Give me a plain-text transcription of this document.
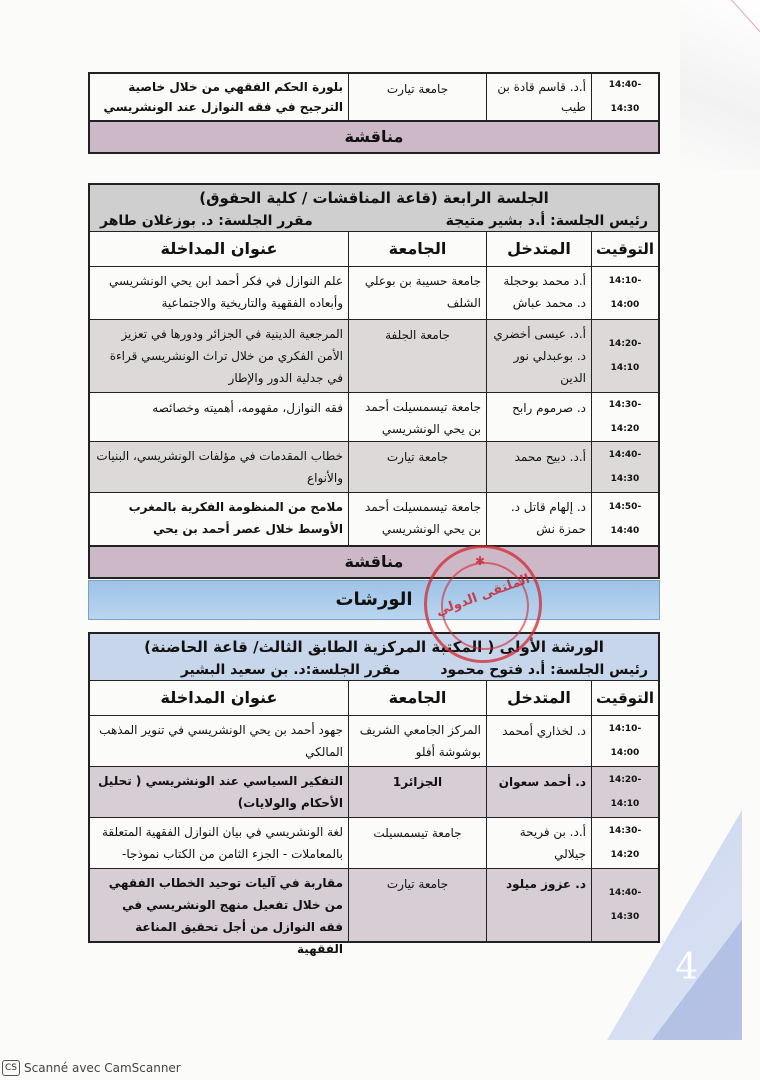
14:40-14:30
أ.د. قاسم قادة بن طيب
جامعة تيارت
بلورة الحكم الفقهي من خلال خاصية الترجيح في فقه النوازل عند الونشريسي
مناقشة
الجلسة الرابعة (قاعة المناقشات / كلية الحقوق)
رئيس الجلسة: أ.د بشير متيجة
مقرر الجلسة: د. بوزغلان طاهر
التوقيت
المتدخل
الجامعة
عنوان المداخلة
14:10-14:00
أ.د محمد بوحجلة د. محمد عباش
جامعة حسيبة بن بوعلي الشلف
علم النوازل في فكر أحمد ابن يحي الونشريسي وأبعاده الفقهية والتاريخية والاجتماعية
14:20-14:10
أ.د. عيسى أخضري د. بوعبدلي نور الدين
جامعة الجلفة
المرجعية الدينية في الجزائر ودورها في تعزيز الأمن الفكري من خلال تراث الونشريسي قراءة في جدلية الدور والإطار
14:30-14:20
د. صرموم رابح
جامعة تيسمسيلت أحمد بن يحي الونشريسي
فقه النوازل، مفهومه، أهميته وخصائصه
14:40-14:30
أ.د. دبيح محمد
جامعة تيارت
خطاب المقدمات في مؤلفات الونشريسي، البنيات والأنواع
14:50-14:40
د. إلهام قاتل د. حمزة نش
جامعة تيسمسيلت أحمد بن يحي الونشريسي
ملامح من المنظومة الفكرية بالمغرب الأوسط خلال عصر أحمد بن يحي
مناقشة
الورشات
الورشة الأولى ( المكتبة المركزية الطابق الثالث/ قاعة الحاضنة)
رئيس الجلسة: أ.د فتوح محمود
مقرر الجلسة:د. بن سعيد البشير
التوقيت
المتدخل
الجامعة
عنوان المداخلة
14:10-14:00
د. لخذاري أمحمد
المركز الجامعي الشريف بوشوشة أفلو
جهود أحمد بن يحي الونشريسي في تنوير المذهب المالكي
14:20-14:10
د. أحمد سعوان
الجزائر1
التفكير السياسي عند الونشريسي ( تحليل الأحكام والولايات)
14:30-14:20
أ.د. بن فريحة جيلالي
جامعة تيسمسيلت
لغة الونشريسي في بيان النوازل الفقهية المتعلقة بالمعاملات - الجزء الثامن من الكتاب نموذجا-
14:40-14:30
د. عزوز ميلود
جامعة تيارت
مقاربة في آليات توحيد الخطاب الفقهي من خلال تفعيل منهج الونشريسي في فقه النوازل من أجل تحقيق المناعة الفقهية
✱
الملتقى الدولي
4
CS Scanné avec CamScanner
